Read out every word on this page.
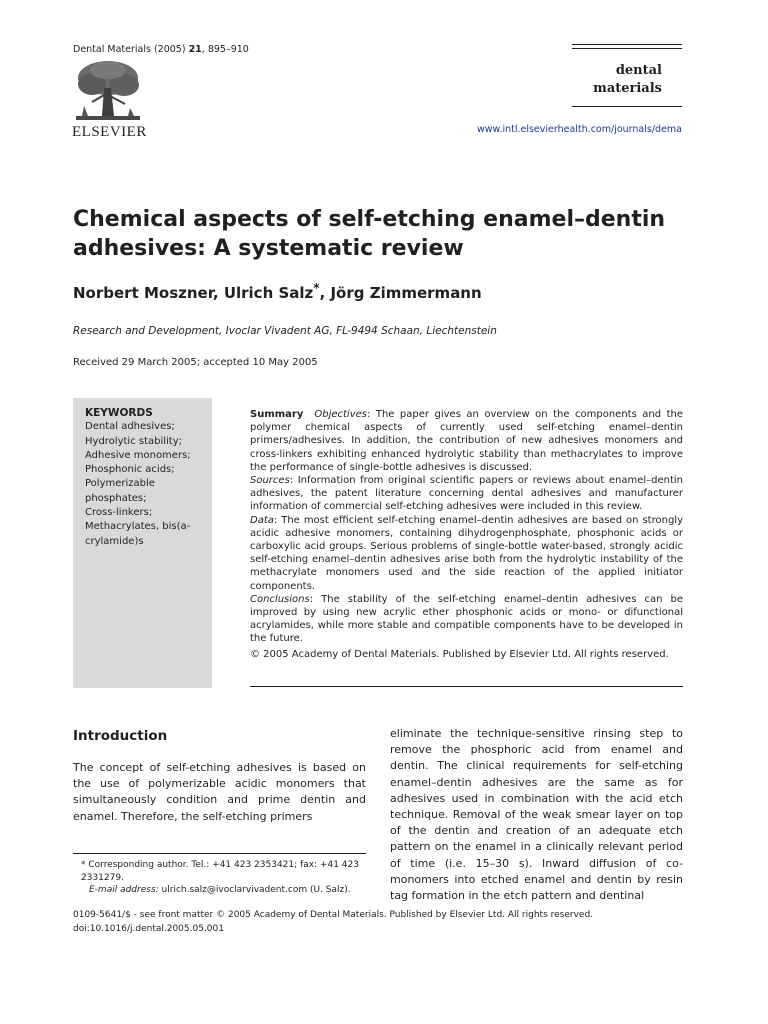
Dental Materials (2005) 21, 895–910
ELSEVIER
dental
materials
www.intl.elsevierhealth.com/journals/dema
Chemical aspects of self-etching enamel–dentin adhesives: A systematic review
Norbert Moszner, Ulrich Salz*, Jörg Zimmermann
Research and Development, Ivoclar Vivadent AG, FL-9494 Schaan, Liechtenstein
Received 29 March 2005; accepted 10 May 2005
KEYWORDS
Dental adhesives;
Hydrolytic stability;
Adhesive monomers;
Phosphonic acids;
Polymerizable
phosphates;
Cross-linkers;
Methacrylates, bis(a-
crylamide)s

Summary Objectives: The paper gives an overview on the components and the polymer chemical aspects of currently used self-etching enamel–dentin primers/adhesives. In addition, the contribution of new adhesives monomers and cross-linkers exhibiting enhanced hydrolytic stability than methacrylates to improve the performance of single-bottle adhesives is discussed.

Sources: Information from original scientific papers or reviews about enamel–dentin adhesives, the patent literature concerning dental adhesives and manufacturer information of commercial self-etching adhesives were included in this review.

Data: The most efficient self-etching enamel–dentin adhesives are based on strongly acidic adhesive monomers, containing dihydrogenphosphate, phosphonic acids or carboxylic acid groups. Serious problems of single-bottle water-based, strongly acidic self-etching enamel–dentin adhesives arise both from the hydrolytic instability of the methacrylate monomers used and the side reaction of the applied initiator components.

Conclusions: The stability of the self-etching enamel–dentin adhesives can be improved by using new acrylic ether phosphonic acids or mono- or difunctional acrylamides, while more stable and compatible components have to be developed in the future.

© 2005 Academy of Dental Materials. Published by Elsevier Ltd. All rights reserved.

Introduction
The concept of self-etching adhesives is based on the use of polymerizable acidic monomers that simultaneously condition and prime dentin and enamel. Therefore, the self-etching primers
eliminate the technique-sensitive rinsing step to remove the phosphoric acid from enamel and dentin. The clinical requirements for self-etching enamel–dentin adhesives are the same as for adhesives used in combination with the acid etch technique. Removal of the weak smear layer on top of the dentin and creation of an adequate etch pattern on the enamel in a clinically relevant period of time (i.e. 15–30 s). Inward diffusion of co-monomers into etched enamel and dentin by resin tag formation in the etch pattern and dentinal
* Corresponding author. Tel.: +41 423 2353421; fax: +41 423 2331279.
E-mail address: ulrich.salz@ivoclarvivadent.com (U. Salz).
0109-5641/$ - see front matter © 2005 Academy of Dental Materials. Published by Elsevier Ltd. All rights reserved.
doi:10.1016/j.dental.2005.05.001
